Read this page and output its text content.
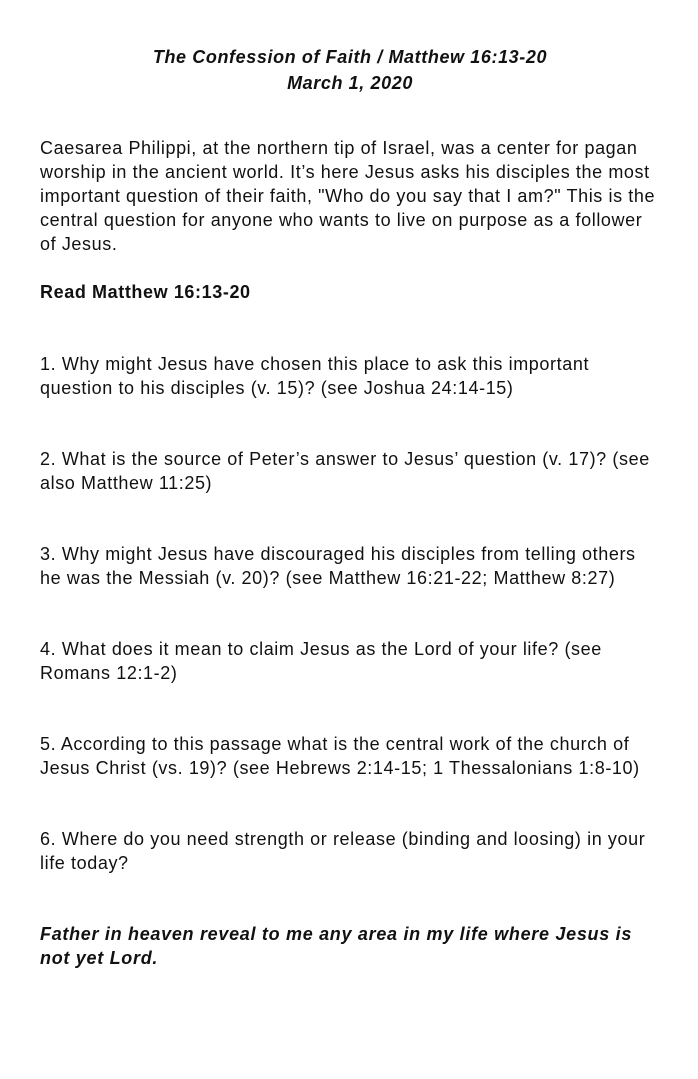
The Confession of Faith / Matthew 16:13-20
March 1, 2020
Caesarea Philippi, at the northern tip of Israel, was a center for pagan worship in the ancient world. It’s here Jesus asks his disciples the most important question of their faith, "Who do you say that I am?" This is the central question for anyone who wants to live on purpose as a follower of Jesus.
Read Matthew 16:13-20
1. Why might Jesus have chosen this place to ask this important question to his disciples (v. 15)? (see Joshua 24:14-15)
2. What is the source of Peter’s answer to Jesus’ question (v. 17)? (see also Matthew 11:25)
3. Why might Jesus have discouraged his disciples from telling others he was the Messiah (v. 20)? (see Matthew 16:21-22; Matthew 8:27)
4. What does it mean to claim Jesus as the Lord of your life? (see Romans 12:1-2)
5. According to this passage what is the central work of the church of Jesus Christ (vs. 19)? (see Hebrews 2:14-15; 1 Thessalonians 1:8-10)
6. Where do you need strength or release (binding and loosing) in your life today?
Father in heaven reveal to me any area in my life where Jesus is not yet Lord.
